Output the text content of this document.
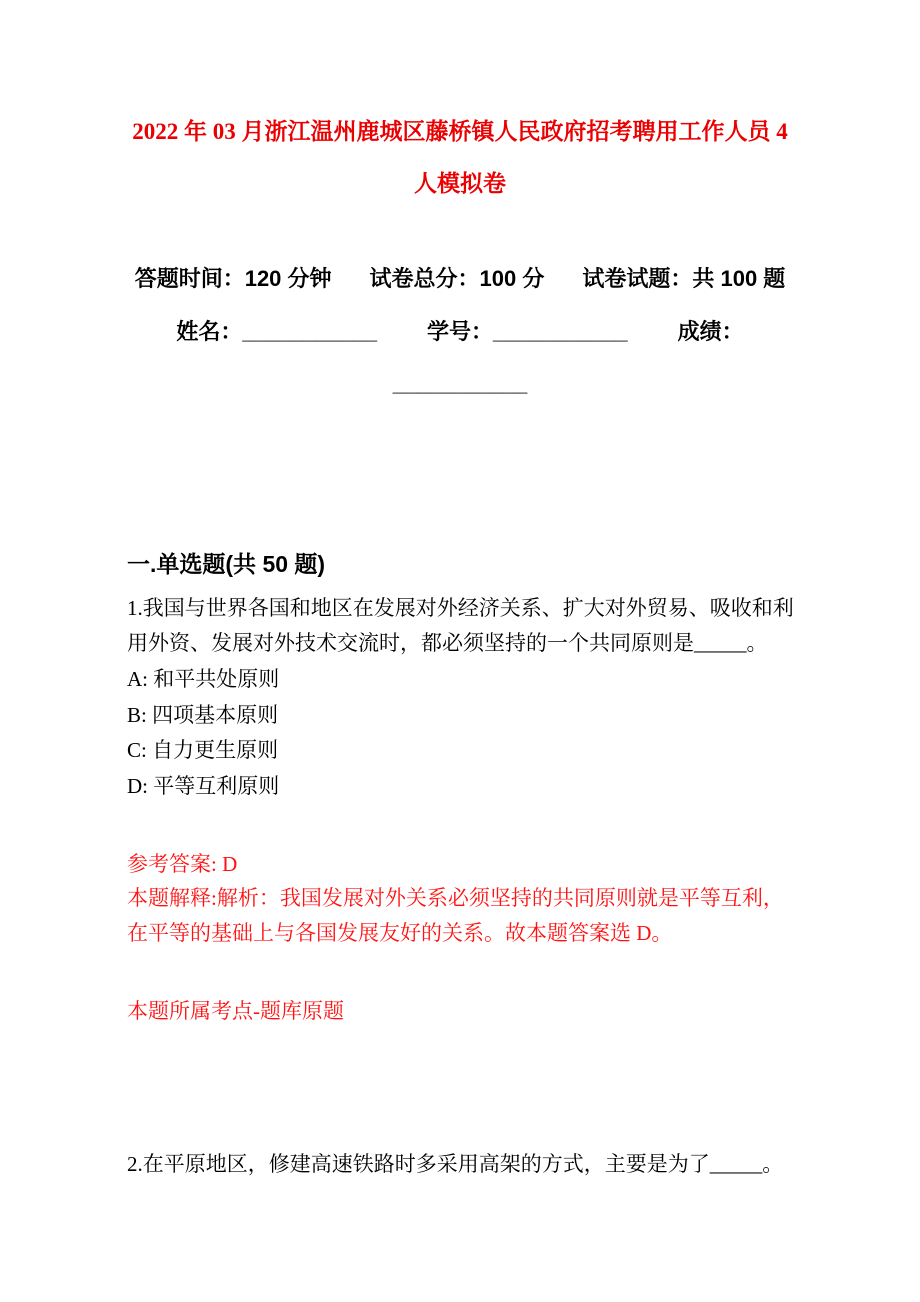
2022 年 03 月浙江温州鹿城区藤桥镇人民政府招考聘用工作人员 4
人模拟卷
答题时间：120 分钟 试卷总分：100 分 试卷试题：共 100 题
姓名：___________ 学号：___________ 成绩：
___________
一.单选题(共 50 题)

1.我国与世界各国和地区在发展对外经济关系、扩大对外贸易、吸收和利用外资、发展对外技术交流时，都必须坚持的一个共同原则是_____。

A: 和平共处原则

B: 四项基本原则

C: 自力更生原则

D: 平等互利原则

参考答案: D

本题解释:解析：我国发展对外关系必须坚持的共同原则就是平等互利，在平等的基础上与各国发展友好的关系。故本题答案选 D。

本题所属考点-题库原题

2.在平原地区，修建高速铁路时多采用高架的方式，主要是为了_____。
